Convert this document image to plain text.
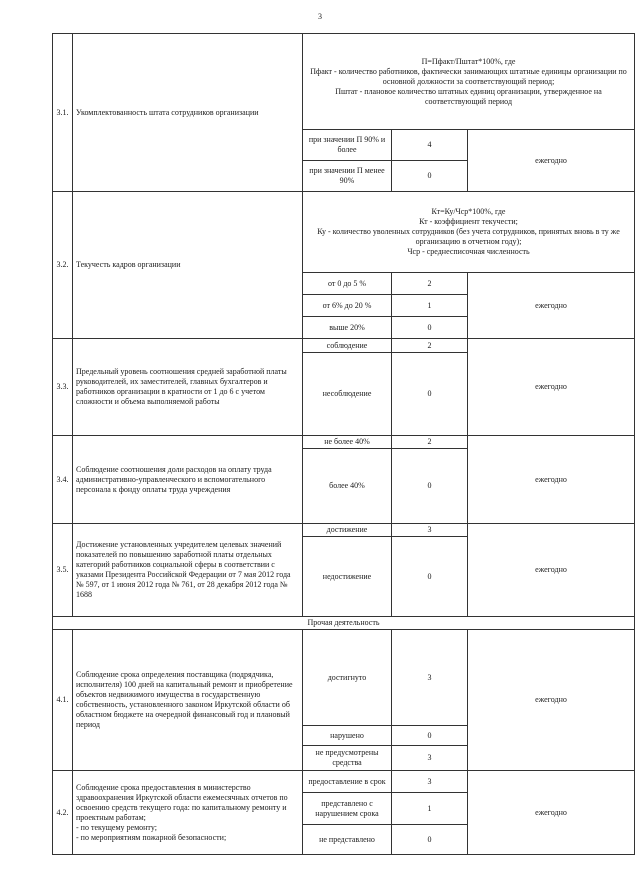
3
3.1.	Укомплектованность штата сотрудников организации	П=Пфакт/Пштат*100%, где
Пфакт - количество работников, фактически занимающих штатные единицы организации по основной должности за соответствующий период;
Пштат - плановое количество штатных единиц организации, утвержденное на соответствующий период		
		при значении П 90% и более	4	ежегодно
		при значении П менее 90%	0	
3.2.	Текучесть кадров организации	Кт=Ку/Чср*100%, где
Кт - коэффициент текучести;
Ку - количество уволенных сотрудников (без учета сотрудников, принятых вновь в ту же организацию в отчетном году);
Чср - среднесписочная численность		
		от 0 до 5 %	2	ежегодно
		от 6% до 20 %	1	
		выше 20%	0	
3.3.	Предельный уровень соотношения средней заработной платы руководителей, их заместителей, главных бухгалтеров и работников организации в кратности от 1 до 6 с учетом сложности и объема выполняемой работы	соблюдение	2	ежегодно
		несоблюдение	0	
3.4.	Соблюдение соотношения доли расходов на оплату труда административно-управленческого и вспомогательного персонала к фонду оплаты труда учреждения	не более 40%	2	ежегодно
		более 40%	0	
3.5.	Достижение установленных учредителем целевых значений показателей по повышению заработной платы отдельных категорий работников социальной сферы в соответствии с указами Президента Российской Федерации от 7 мая 2012 года № 597, от 1 июня 2012 года № 761, от 28 декабря 2012 года № 1688	достижение	3	ежегодно
		недостижение	0	
Прочая деятельность				
4.1.	Соблюдение срока определения поставщика (подрядчика, исполнителя) 100 дней на капитальный ремонт и приобретение объектов недвижимого имущества в государственную собственность, установленного законом Иркутской области об областном бюджете на очередной финансовый год и плановый период	достигнуто	3	ежегодно
		нарушено	0	
		не предусмотрены средства	3	
4.2.	Соблюдение срока предоставления в министерство здравоохранения Иркутской области ежемесячных отчетов по освоению средств текущего года: по капитальному ремонту и проектным работам;
- по текущему ремонту;
- по мероприятиям пожарной безопасности;	предоставление в срок	3	ежегодно
		представлено с нарушением срока	1	
		не представлено	0	
